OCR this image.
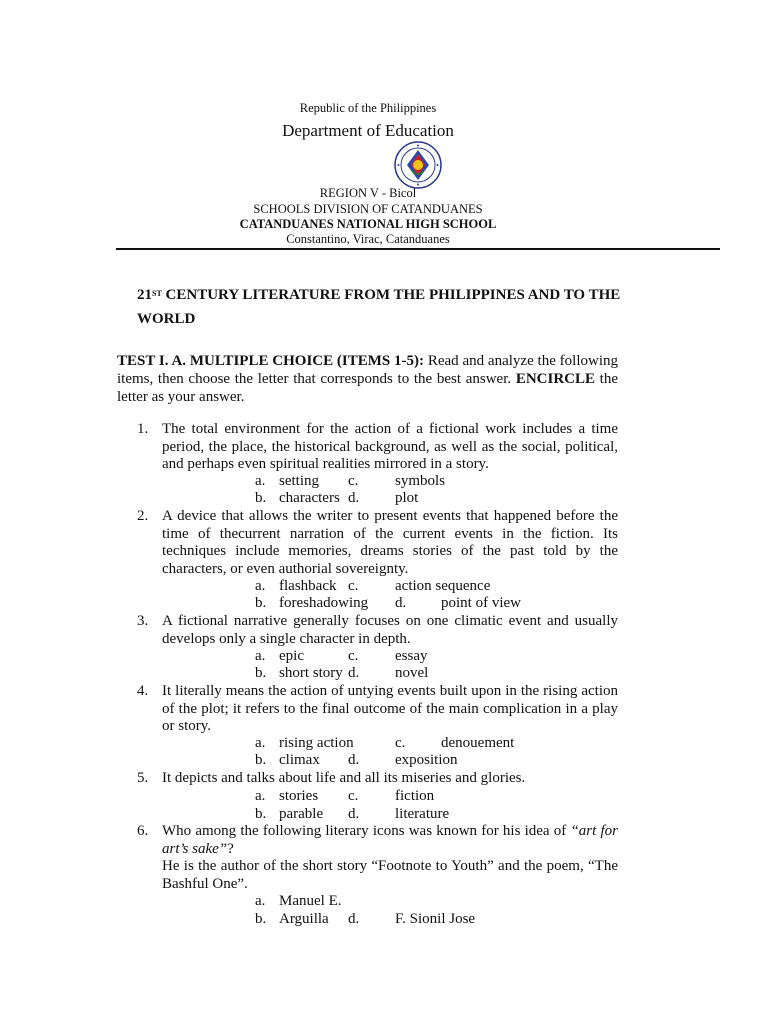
Republic of the Philippines
Department of Education
REGION V - Bicol
SCHOOLS DIVISION OF CATANDUANES
CATANDUANES NATIONAL HIGH SCHOOL
Constantino, Virac, Catanduanes
21ST CENTURY LITERATURE FROM THE PHILIPPINES AND TO THE
WORLD
TEST I. A. MULTIPLE CHOICE (ITEMS 1-5): Read and analyze the following items, then choose the letter that corresponds to the best answer. ENCIRCLE the letter as your answer.
1. The total environment for the action of a fictional work includes a time period, the place, the historical background, as well as the social, political, and perhaps even spiritual realities mirrored in a story.
a. setting c. symbols
b. characters d. plot
2. A device that allows the writer to present events that happened before the time of thecurrent narration of the current events in the fiction. Its techniques include memories, dreams stories of the past told by the characters, or even authorial sovereignty.
a. flashback c. action sequence
b. foreshadowing d. point of view
3. A fictional narrative generally focuses on one climatic event and usually develops only a single character in depth.
a. epic	c. essay
b. short story d. novel
4. It literally means the action of untying events built upon in the rising action of the plot; it refers to the final outcome of the main complication in a play or story.
a. rising action	c. denouement
b. climax d. exposition
5. It depicts and talks about life and all its miseries and glories.
a. stories c. fiction
b. parable d. literature
6. Who among the following literary icons was known for his idea of “art for art’s sake”?
He is the author of the short story “Footnote to Youth” and the poem, “The Bashful One”.
a. Manuel E.
b. Arguilla d. F. Sionil Jose
